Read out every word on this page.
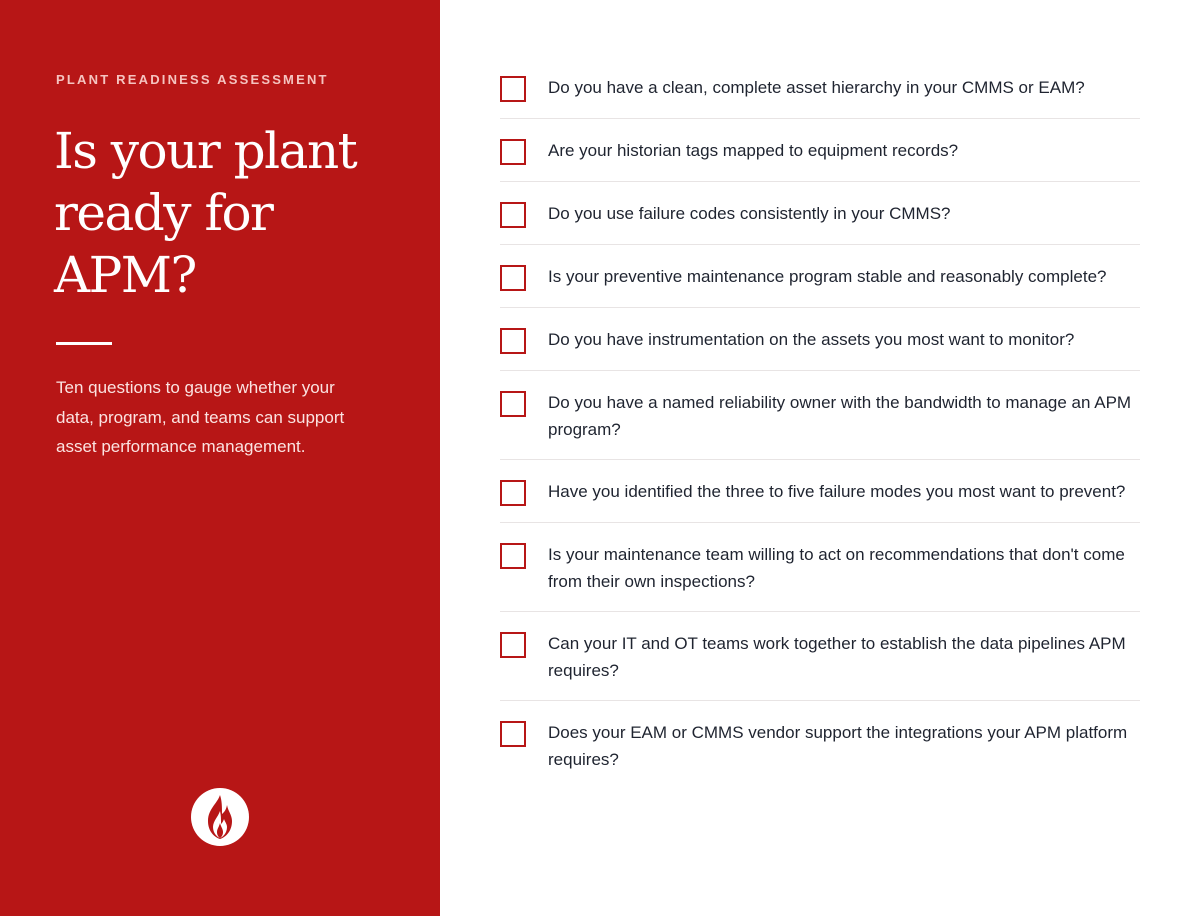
PLANT READINESS ASSESSMENT

Is your plant ready for APM?

Ten questions to gauge whether your data, program, and teams can support asset performance management.

Do you have a clean, complete asset hierarchy in your CMMS or EAM?
Are your historian tags mapped to equipment records?
Do you use failure codes consistently in your CMMS?
Is your preventive maintenance program stable and reasonably complete?
Do you have instrumentation on the assets you most want to monitor?
Do you have a named reliability owner with the bandwidth to manage an APM program?
Have you identified the three to five failure modes you most want to prevent?
Is your maintenance team willing to act on recommendations that don't come from their own inspections?
Can your IT and OT teams work together to establish the data pipelines APM requires?
Does your EAM or CMMS vendor support the integrations your APM platform requires?
